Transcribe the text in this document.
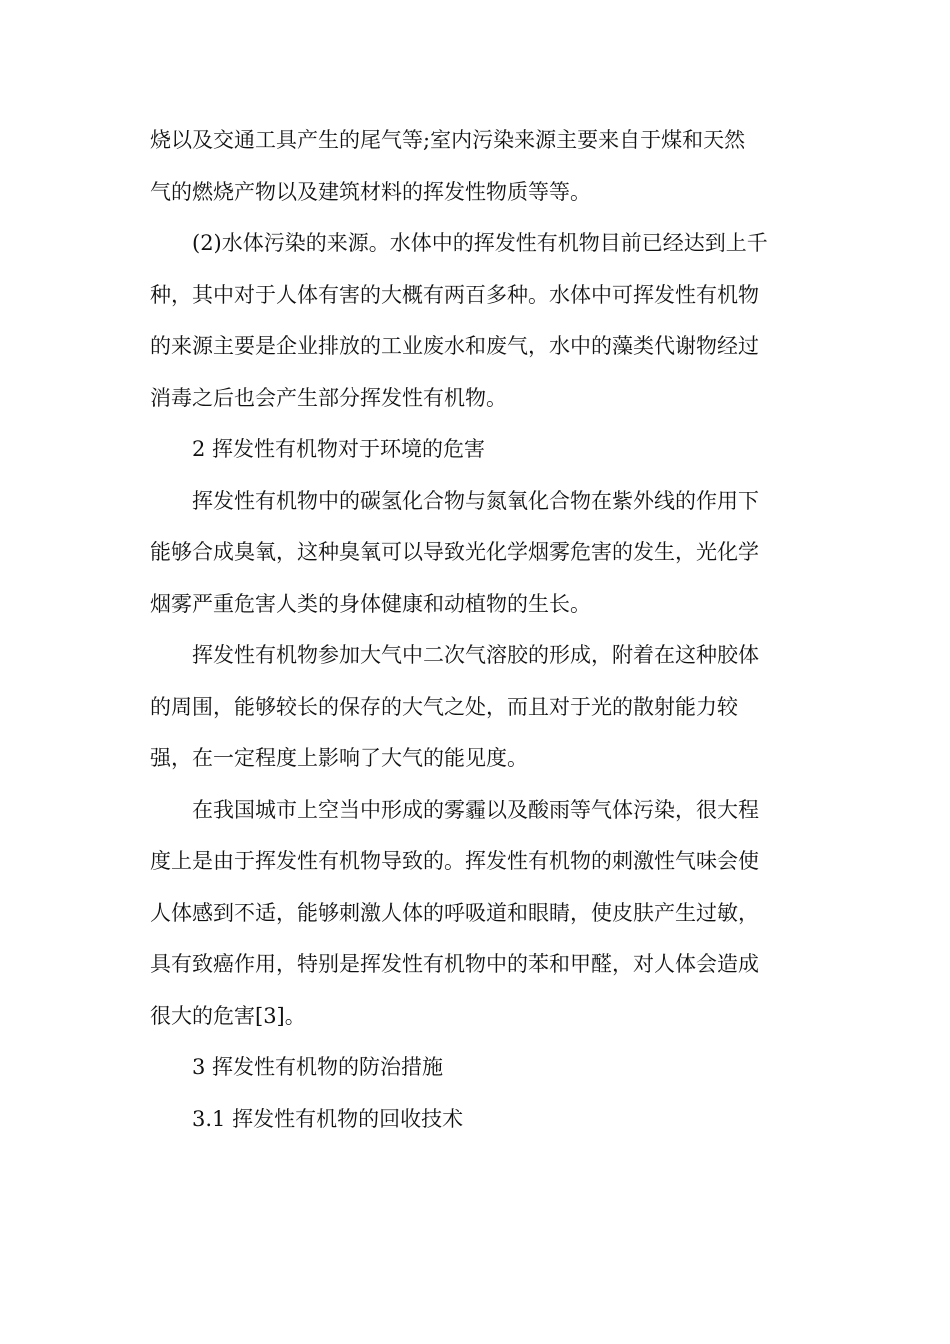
烧以及交通工具产生的尾气等;室内污染来源主要来自于煤和天然
气的燃烧产物以及建筑材料的挥发性物质等等。
(2)水体污染的来源。水体中的挥发性有机物目前已经达到上千
种，其中对于人体有害的大概有两百多种。水体中可挥发性有机物
的来源主要是企业排放的工业废水和废气，水中的藻类代谢物经过
消毒之后也会产生部分挥发性有机物。
2 挥发性有机物对于环境的危害
挥发性有机物中的碳氢化合物与氮氧化合物在紫外线的作用下
能够合成臭氧，这种臭氧可以导致光化学烟雾危害的发生，光化学
烟雾严重危害人类的身体健康和动植物的生长。
挥发性有机物参加大气中二次气溶胶的形成，附着在这种胶体
的周围，能够较长的保存的大气之处，而且对于光的散射能力较
强，在一定程度上影响了大气的能见度。
在我国城市上空当中形成的雾霾以及酸雨等气体污染，很大程
度上是由于挥发性有机物导致的。挥发性有机物的刺激性气味会使
人体感到不适，能够刺激人体的呼吸道和眼睛，使皮肤产生过敏，
具有致癌作用，特别是挥发性有机物中的苯和甲醛，对人体会造成
很大的危害[3]。
3 挥发性有机物的防治措施
3.1 挥发性有机物的回收技术
